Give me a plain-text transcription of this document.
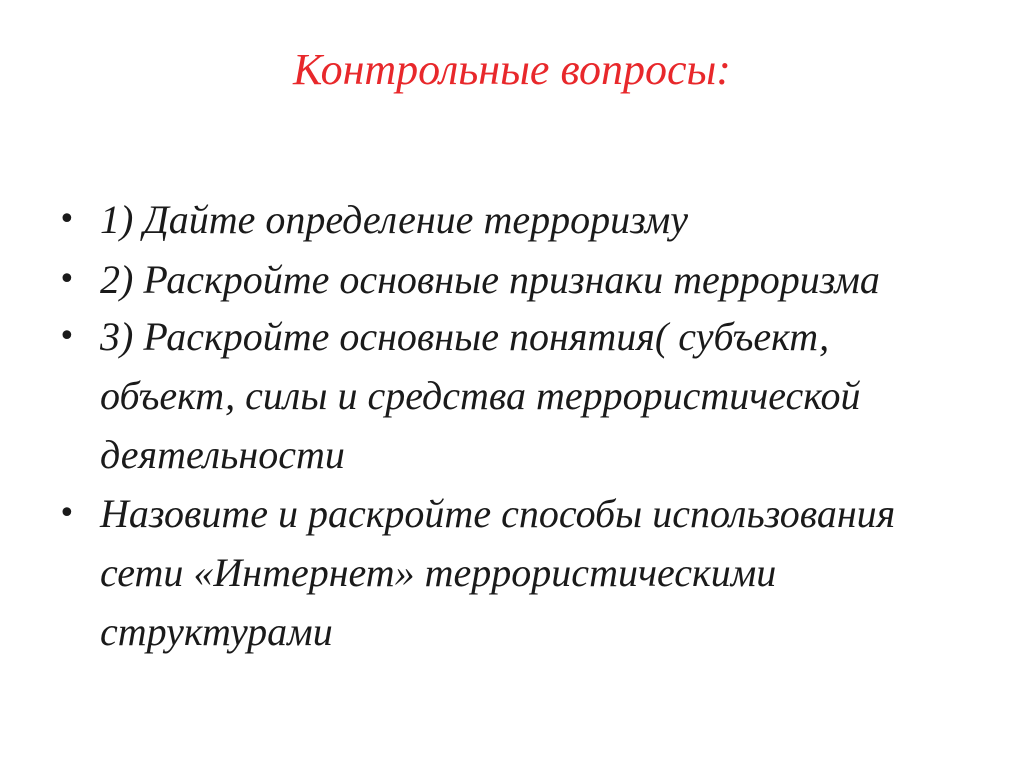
Контрольные вопросы:
• 1) Дайте определение терроризму
• 2) Раскройте основные признаки терроризма
• 3) Раскройте основные понятия( субъект, объект, силы и средства террористической деятельности
• Назовите и раскройте способы использования сети «Интернет» террористическими структурами
